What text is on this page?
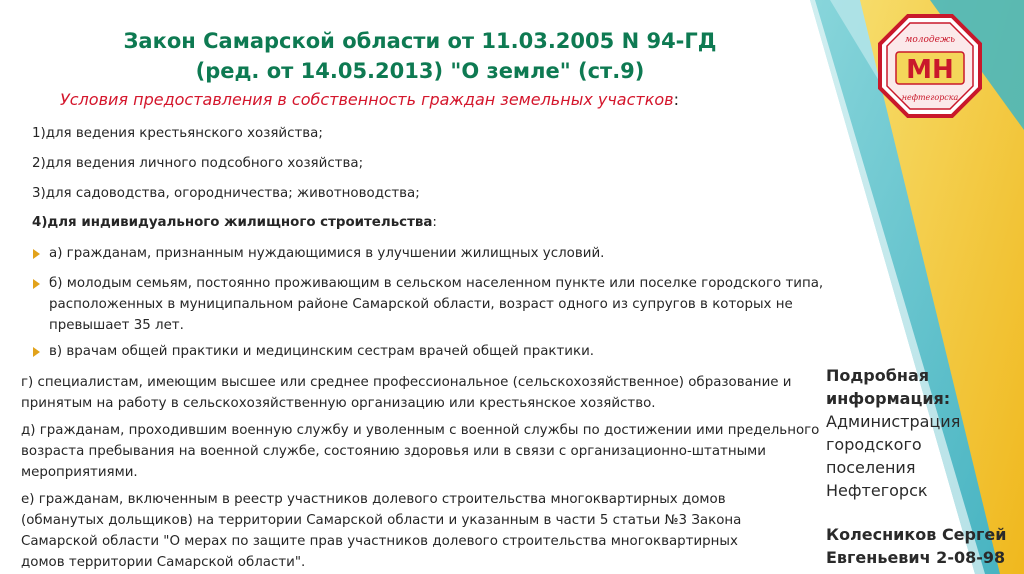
Закон Самарской области от 11.03.2005 N 94-ГД
(ред. от 14.05.2013) "О земле" (ст.9)
Условия предоставления в собственность граждан земельных участков:
1)для ведения крестьянского хозяйства;
2)для ведения личного подсобного хозяйства;
3)для садоводства, огородничества; животноводства;
4)для индивидуального жилищного строительства:
а) гражданам, признанным нуждающимися в улучшении жилищных условий.
б) молодым семьям, постоянно проживающим в сельском населенном пункте или поселке городского типа, расположенных в муниципальном районе Самарской области, возраст одного из супругов в которых не превышает 35 лет.
в) врачам общей практики и медицинским сестрам врачей общей практики.
г) специалистам, имеющим высшее или среднее профессиональное (сельскохозяйственное) образование и принятым на работу в сельскохозяйственную организацию или крестьянское хозяйство.
д) гражданам, проходившим военную службу и уволенным с военной службы по достижении ими предельного возраста пребывания на военной службе, состоянию здоровья или в связи с организационно-штатными мероприятиями.
е) гражданам, включенным в реестр участников долевого строительства многоквартирных домов (обманутых дольщиков) на территории Самарской области и указанным в части 5 статьи №3 Закона Самарской области "О мерах по защите прав участников долевого строительства многоквартирных домов территории Самарской области".
Подробная информация:
Администрация
городского
поселения
Нефтегорск
Колесников Сергей
Евгеньевич 2-08-98
молодежь
МН
нефтегорска
